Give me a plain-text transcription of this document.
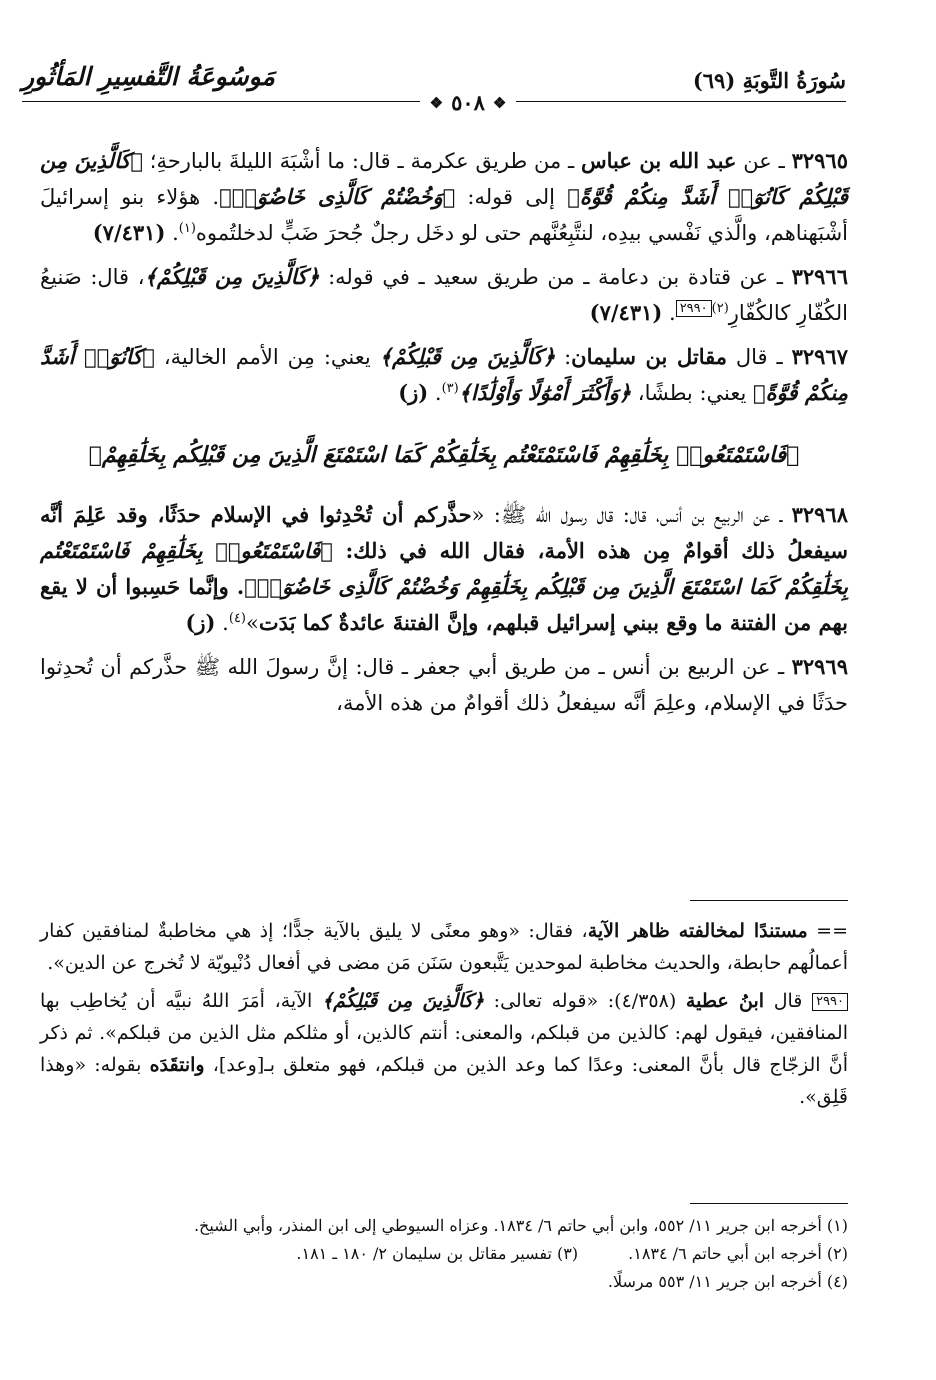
سُورَةُ التَّوبَةِ (٦٩)
مَوسُوعَةُ التَّفسِيرِ المَأثُورِ
❖
٥٠٨
❖

٣٢٩٦٥ ـ عن عبد الله بن عباس ـ من طريق عكرمة ـ قال: ما أشْبَهَ الليلةَ بالبارحةِ؛ ﴿كَالَّذِينَ مِن قَبْلِكُمْ كَانُوٓا۟ أَشَدَّ مِنكُمْ قُوَّةً﴾ إلى قوله: ﴿وَخُضْتُمْ كَالَّذِى خَاضُوٓا۟﴾. هؤلاء بنو إسرائيلَ أشْبَهناهم، والَّذي نَفْسي بيدِه، لنتَّبِعُنَّهم حتى لو دخَل رجلٌ جُحرَ ضَبٍّ لدخلتُموه$^{(١)}$. (٧/٤٣١)

٣٢٩٦٦ ـ عن قتادة بن دعامة ـ من طريق سعيد ـ في قوله: ﴿كَالَّذِينَ مِن قَبْلِكُمْ﴾، قال: صَنيعُ الكُفّارِ كالكُفّارِ$^{(٢)}$٢٩٩٠. (٧/٤٣١)

٣٢٩٦٧ ـ قال مقاتل بن سليمان: ﴿كَالَّذِينَ مِن قَبْلِكُمْ﴾ يعني: مِن الأمم الخالية، ﴿كَانُوٓا۟ أَشَدَّ مِنكُمْ قُوَّةً﴾ يعني: بطشًا، ﴿وَأَكْثَرَ أَمْوَٰلًا وَأَوْلَٰدًا﴾$^{(٣)}$. (ز)

﴿فَاسْتَمْتَعُوا۟ بِخَلَٰقِهِمْ فَاسْتَمْتَعْتُم بِخَلَٰقِكُمْ كَمَا اسْتَمْتَعَ الَّذِينَ مِن قَبْلِكُم بِخَلَٰقِهِمْ﴾

٣٢٩٦٨ ـ عن الربيع بن أنس، قال: قال رسول الله ﷺ: «حذَّركم أن تُحْدِثوا في الإسلام حدَثًا، وقد عَلِمَ أنَّه سيفعلُ ذلك أقوامٌ مِن هذه الأمة، فقال الله في ذلك: ﴿فَاسْتَمْتَعُوا۟ بِخَلَٰقِهِمْ فَاسْتَمْتَعْتُم بِخَلَٰقِكُمْ كَمَا اسْتَمْتَعَ الَّذِينَ مِن قَبْلِكُم بِخَلَٰقِهِمْ وَخُضْتُمْ كَالَّذِى خَاضُوٓا۟﴾. وإنَّما حَسِبوا أن لا يقع بهم من الفتنة ما وقع ببني إسرائيل قبلهم، وإنَّ الفتنةَ عائدةٌ كما بَدَت»$^{(٤)}$. (ز)

٣٢٩٦٩ ـ عن الربيع بن أنس ـ من طريق أبي جعفر ـ قال: إنَّ رسولَ الله ﷺ حذَّركم أن تُحدِثوا حدَثًا في الإسلام، وعلِمَ أنَّه سيفعلُ ذلك أقوامٌ من هذه الأمة،

== مستندًا لمخالفته ظاهر الآية، فقال: «وهو معنًى لا يليق بالآية جدًّا؛ إذ هي مخاطبةٌ لمنافقين كفار أعمالُهم حابطة، والحديث مخاطبة لموحدين يَتَّبعون سَنَن مَن مضى في أفعال دُنْيويّة لا تُخرج عن الدين».

٢٩٩٠ قال ابنُ عطية (٤/٣٥٨): «قوله تعالى: ﴿كَالَّذِينَ مِن قَبْلِكُمْ﴾ الآية، أمَرَ اللهُ نبيَّه أن يُخاطِب بها المنافقين، فيقول لهم: كالذين من قبلكم، والمعنى: أنتم كالذين، أو مثلكم مثل الذين من قبلكم». ثم ذكر أنَّ الزجّاج قال بأنَّ المعنى: وعدًا كما وعد الذين من قبلكم، فهو متعلق بـ[وعد]، وانتقَدَه بقوله: «وهذا قَلِق».

(١) أخرجه ابن جرير ١١/ ٥٥٢، وابن أبي حاتم ٦/ ١٨٣٤. وعزاه السيوطي إلى ابن المنذر، وأبي الشيخ.

(٢) أخرجه ابن أبي حاتم ٦/ ١٨٣٤.
(٣) تفسير مقاتل بن سليمان ٢/ ١٨٠ ـ ١٨١.

(٤) أخرجه ابن جرير ١١/ ٥٥٣ مرسلًا.
